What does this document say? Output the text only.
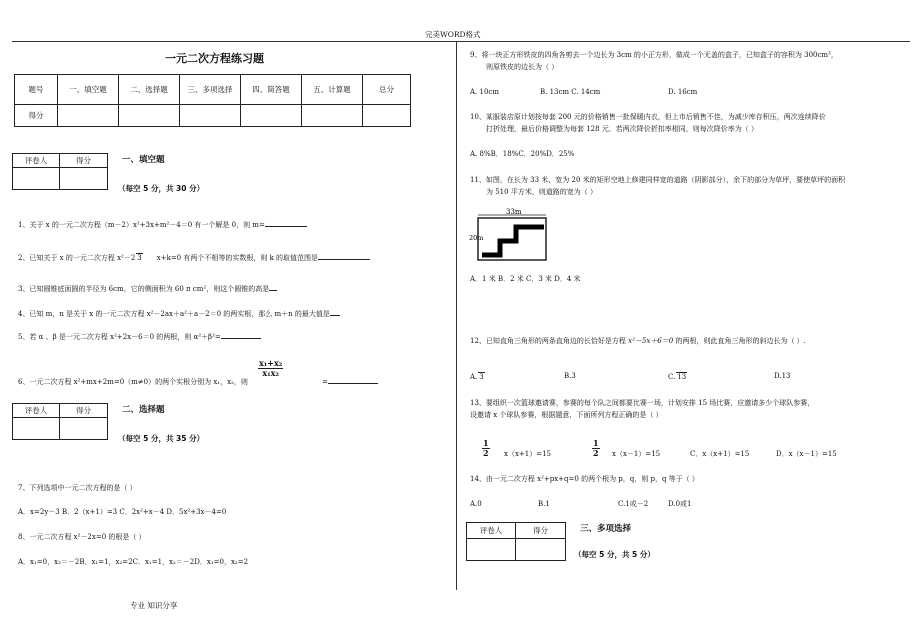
完美WORD格式
专业 知识分享
一元二次方程练习题
题号	一、填空题	二、选择题	三、多项选择	四、简答题	五、计算题	总分
得分						
评卷人	得分
		一、填空题
（每空 5 分，共 30 分）
1、关于 x 的一元二次方程（m－2）x²+3x+m²－4＝0 有一个解是 0，则 m=
2、已知关于 x 的一元二次方程 x²－2 3 x+k=0 有两个不相等的实数根，则 k 的取值范围是
3、已知圆锥底面圆的半径为 6cm，它的侧面积为 60 π cm²，则这个圆锥的高是
4、已知 m，n 是关于 x 的一元二次方程 x²－2ax＋a²＋a－2＝0 的两实根，那么 m＋n 的最大值是
5、若 α 、β 是一元二次方程 x²+2x－6＝0 的两根，则 α²＋β²=
6、一元二次方程 x²+mx+2m=0（m≠0）的两个实根分别为 x₁，x₂，则
$\frac{\text{x₁+x₂}}{\text{x₁x₂}}$
=
评卷人	得分
		二、选择题
（每空 5 分，共 35 分）
7、下列选项中一元二次方程的是（ ）
A．x=2y－3 B．2（x+1）=3 C．2x²+x－4 D．5x²+3x－4=0
8、一元二次方程 x²－2x=0 的根是（ ）
A．x₁=0，x₂＝－2B．x₁=1，x₂=2C．x₁=1，x₂＝－2D．x₁=0，x₂=2
9、将一块正方形铁皮的四角各剪去一个边长为 3cm 的小正方形，做成一个无盖的盒子，已知盒子的容积为 300cm³，
则原铁皮的边长为（ ）
A. 10cm	B. 13cm C. 14cm	D. 16cm
10、某服装店原计划按每套 200 元的价格销售一批保暖内衣，但上市后销售不佳，为减少库存积压，两次连续降价
打折处理，最后价格调整为每套 128 元．若两次降价折扣率相同，则每次降价率为（ ）
A. 8%B．18%C．20%D．25%
11、如图，在长为 33 米，宽为 20 米的矩形空地上修建同样宽的道路（阴影部分），余下的部分为草坪，要使草坪的面积
为 510 平方米，则道路的宽为（ ）
33m
20m
A．1 米 B．2 米 C．3 米 D．4 米
12、已知直角三角形的两条直角边的长恰好是方程 x²－5x＋6＝0 的两根，则此直角三角形的斜边长为（ ）.
A. 3	B.3	C. 13	D.13
13、要组织一次篮球邀请赛，参赛的每个队之间都要比赛一场，计划安排 15 场比赛，应邀请多少个球队参赛，
设邀请 x 个球队参赛，根据题意，下面所列方程正确的是（ ）
$\frac{1}{2} x(x+1)=15$	$\frac{1}{2} x(x-1)=15$	C．x（x+1）=15	D．x（x－1）=15
14、由一元二次方程 x²+px+q=0 的两个根为 p，q，则 p，q 等于（ ）
A.0	B.1	C.1或－2	D.0或1
评卷人	得分
		三、多项选择
（每空 5 分，共 5 分）
